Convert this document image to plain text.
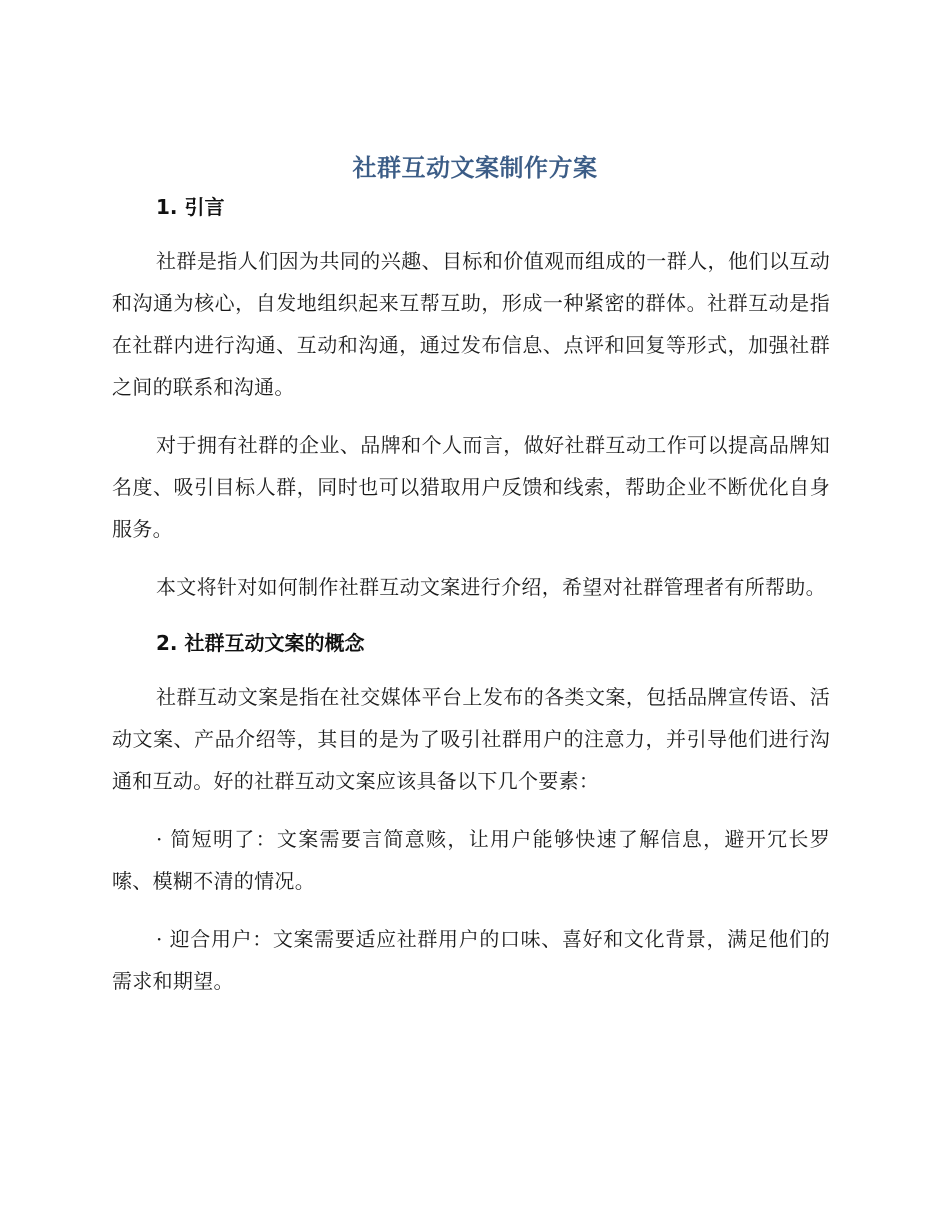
社群互动文案制作方案
1. 引言

社群是指人们因为共同的兴趣、目标和价值观而组成的一群人，他们以互动和沟通为核心，自发地组织起来互帮互助，形成一种紧密的群体。社群互动是指在社群内进行沟通、互动和沟通，通过发布信息、点评和回复等形式，加强社群之间的联系和沟通。

对于拥有社群的企业、品牌和个人而言，做好社群互动工作可以提高品牌知名度、吸引目标人群，同时也可以猎取用户反馈和线索，帮助企业不断优化自身服务。

本文将针对如何制作社群互动文案进行介绍，希望对社群管理者有所帮助。

2. 社群互动文案的概念

社群互动文案是指在社交媒体平台上发布的各类文案，包括品牌宣传语、活动文案、产品介绍等，其目的是为了吸引社群用户的注意力，并引导他们进行沟通和互动。好的社群互动文案应该具备以下几个要素：

· 简短明了：文案需要言简意赅，让用户能够快速了解信息，避开冗长罗嗦、模糊不清的情况。

· 迎合用户：文案需要适应社群用户的口味、喜好和文化背景，满足他们的需求和期望。
